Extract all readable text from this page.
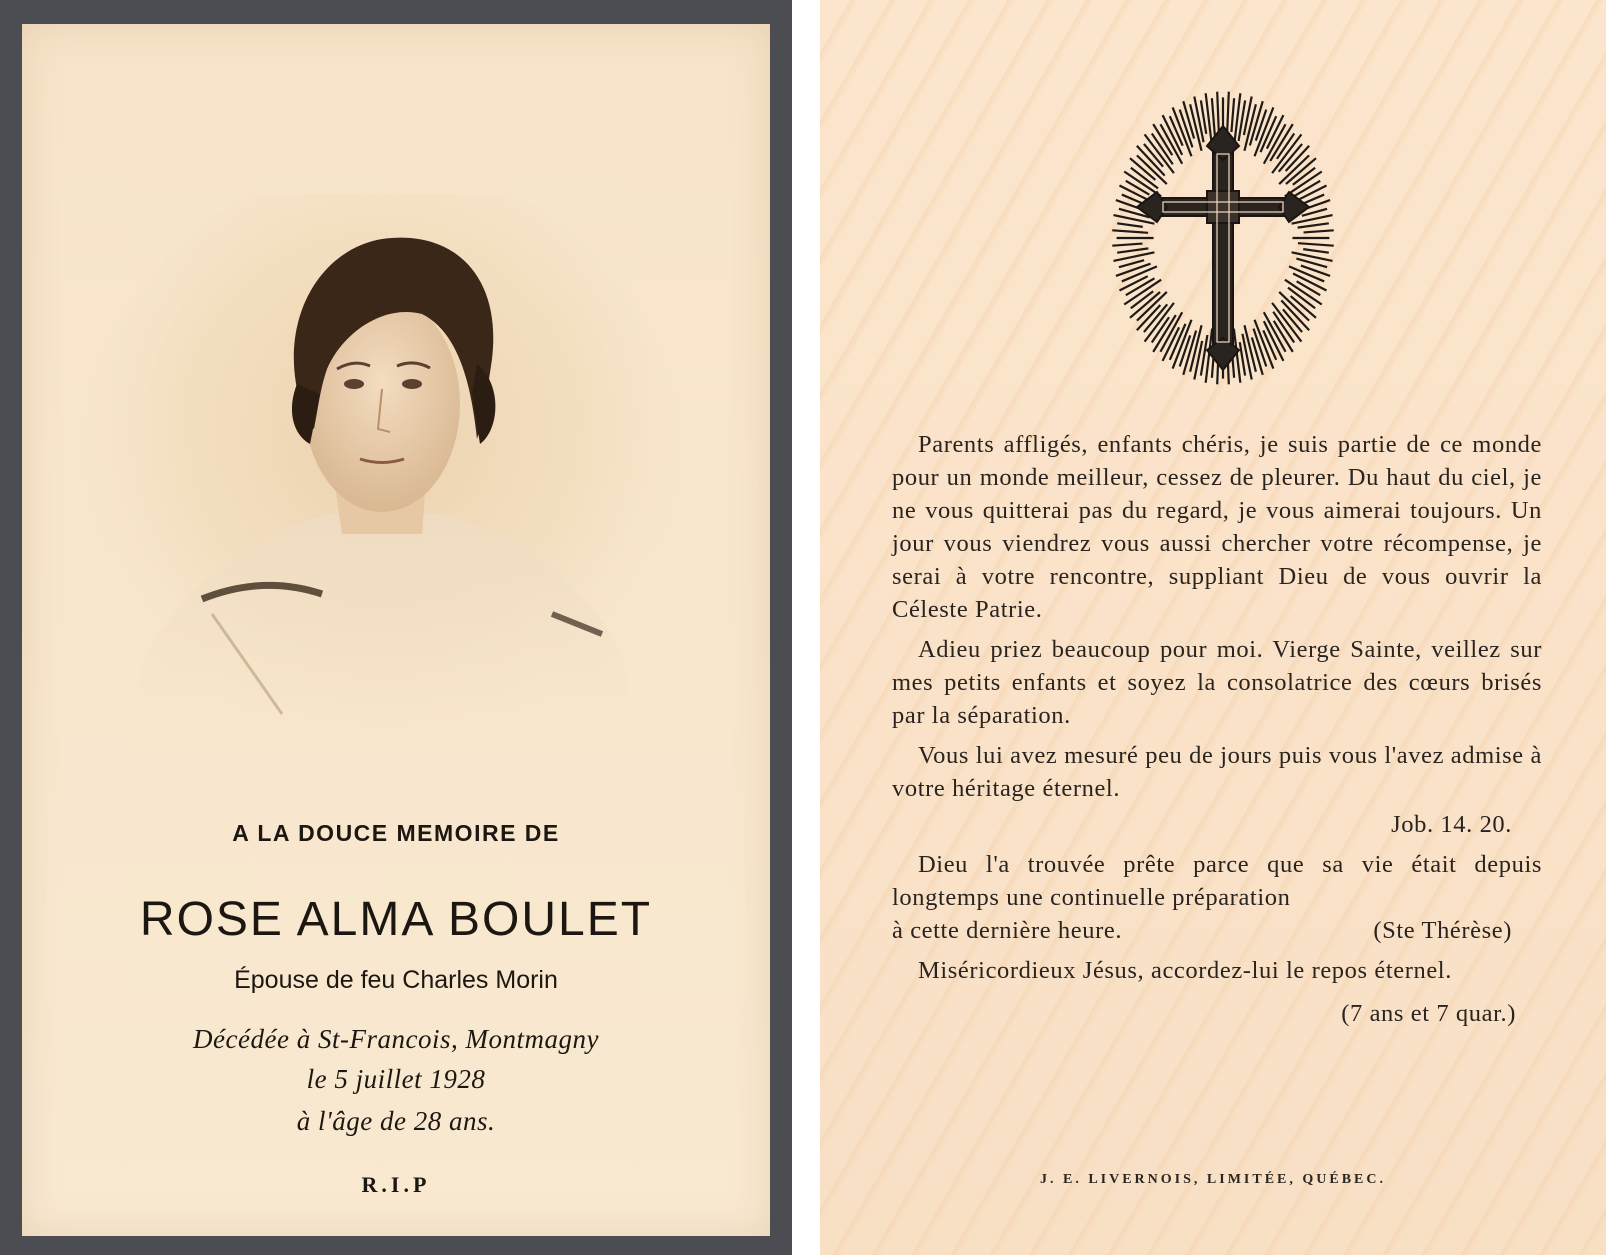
A LA DOUCE MEMOIRE DE
ROSE ALMA BOULET
Épouse de feu Charles Morin
Décédée à St-Francois, Montmagny
le 5 juillet 1928
à l'âge de 28 ans.
R.I.P

Parents affligés, enfants chéris, je suis partie de ce monde pour un monde meilleur, cessez de pleurer. Du haut du ciel, je ne vous quitterai pas du regard, je vous aimerai toujours. Un jour vous viendrez vous aussi chercher votre récompense, je serai à votre rencontre, suppliant Dieu de vous ouvrir la Céleste Patrie.

Adieu priez beaucoup pour moi. Vierge Sainte, veillez sur mes petits enfants et soyez la consolatrice des cœurs brisés par la séparation.

Vous lui avez mesuré peu de jours puis vous l'avez admise à votre héritage éternel.

Job. 14. 20.

Dieu l'a trouvée prête parce que sa vie était depuis longtemps une continuelle préparation

à cette dernière heure.	(Ste Thérèse)

Miséricordieux Jésus, accordez-lui le repos éternel.

(7 ans et 7 quar.)

J. E. LIVERNOIS, LIMITÉE, QUÉBEC.
